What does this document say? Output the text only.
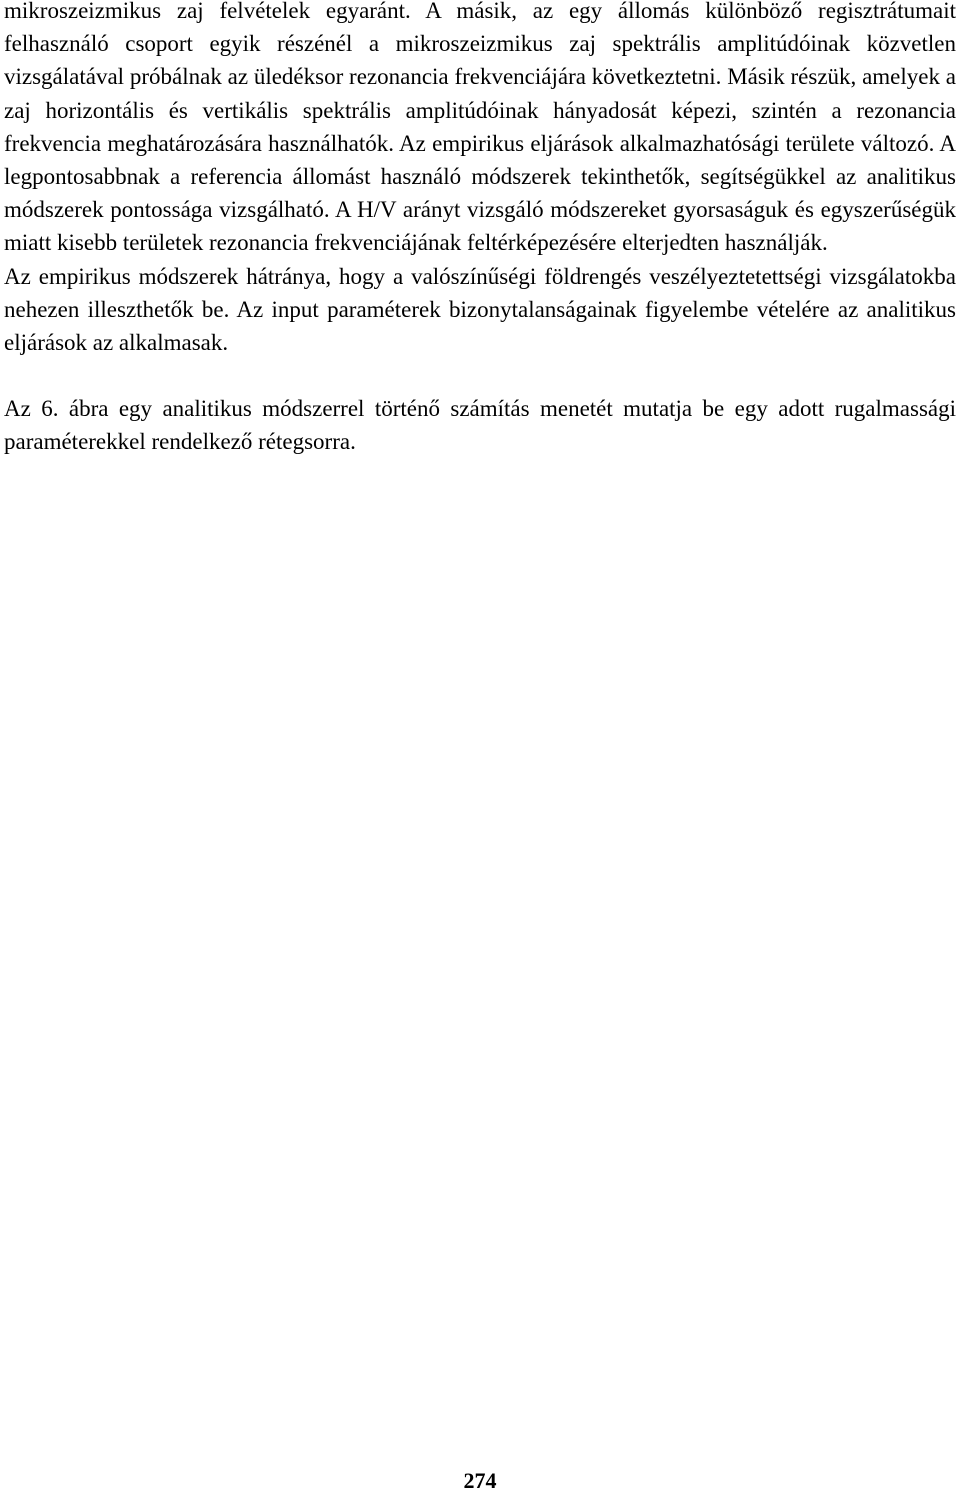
mikroszeizmikus zaj felvételek egyaránt. A másik, az egy állomás különböző regisztrátumait felhasználó csoport egyik részénél a mikroszeizmikus zaj spektrális amplitúdóinak közvetlen vizsgálatával próbálnak az üledéksor rezonancia frekvenciájára következtetni. Másik részük, amelyek a zaj horizontális és vertikális spektrális amplitúdóinak hányadosát képezi, szintén a rezonancia frekvencia meghatározására használhatók. Az empirikus eljárások alkalmazhatósági területe változó. A legpontosabbnak a referencia állomást használó módszerek tekinthetők, segítségükkel az analitikus módszerek pontossága vizsgálható. A H/V arányt vizsgáló módszereket gyorsaságuk és egyszerűségük miatt kisebb területek rezonancia frekvenciájának feltérképezésére elterjedten használják.

Az empirikus módszerek hátránya, hogy a valószínűségi földrengés veszélyeztetettségi vizsgálatokba nehezen illeszthetők be. Az input paraméterek bizonytalanságainak figyelembe vételére az analitikus eljárások az alkalmasak.

Az 6. ábra egy analitikus módszerrel történő számítás menetét mutatja be egy adott rugalmassági paraméterekkel rendelkező rétegsorra.

274
